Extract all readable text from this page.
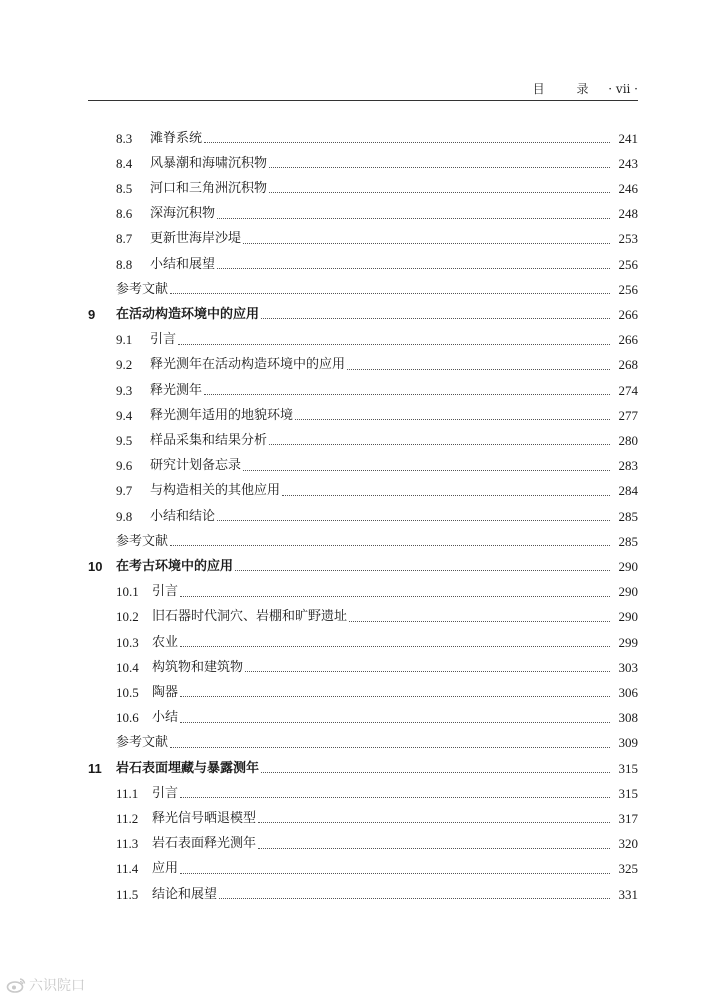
目 录 · vii ·
8.3	滩脊系统	241
8.4	风暴潮和海啸沉积物	243
8.5	河口和三角洲沉积物	246
8.6	深海沉积物	248
8.7	更新世海岸沙堤	253
8.8	小结和展望	256
参考文献	256
9	在活动构造环境中的应用	266
9.1	引言	266
9.2	释光测年在活动构造环境中的应用	268
9.3	释光测年	274
9.4	释光测年适用的地貌环境	277
9.5	样品采集和结果分析	280
9.6	研究计划备忘录	283
9.7	与构造相关的其他应用	284
9.8	小结和结论	285
参考文献	285
10	在考古环境中的应用	290
10.1	引言	290
10.2	旧石器时代洞穴、岩棚和旷野遗址	290
10.3	农业	299
10.4	构筑物和建筑物	303
10.5	陶器	306
10.6	小结	308
参考文献	309
11	岩石表面埋藏与暴露测年	315
11.1	引言	315
11.2	释光信号晒退模型	317
11.3	岩石表面释光测年	320
11.4	应用	325
11.5	结论和展望	331
六识院口
